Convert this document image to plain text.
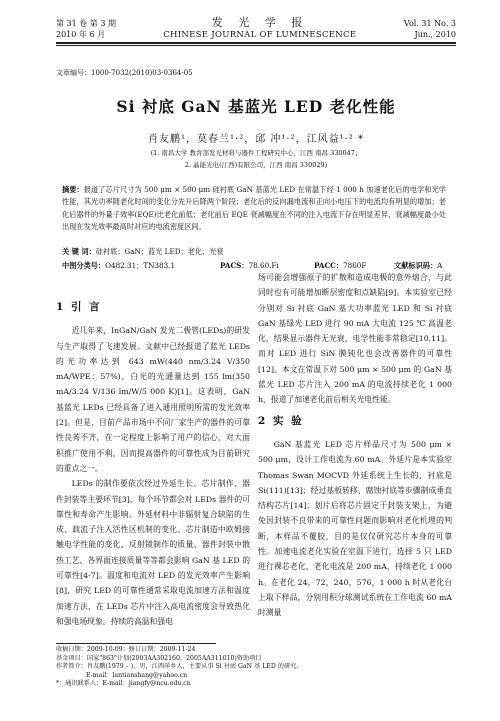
第 31 卷 第 3 期	发 光 学 报	Vol. 31 No. 3
2010 年 6 月	CHINESE JOURNAL OF LUMINESCENCE	Jun., 2010
文章编号：1000-7032(2010)03-0364-05
Si 衬底 GaN 基蓝光 LED 老化性能
肖友鹏¹，莫春兰¹·²，邱 冲¹·²，江风益¹·² *
(1. 南昌大学 教育部发光材料与器件工程研究中心，江西 南昌 330047；
2. 晶能光电(江西)有限公司，江西 南昌 330029)
摘要：报道了芯片尺寸为 500 μm × 500 μm 硅衬底 GaN 基蓝光 LED 在常温下经 1 000 h 加速老化后的电学和光学性能，其光功率随老化时间的变化分先升后降两个阶段；老化后的反向漏电流和正向小电压下的电流均有明显的增加；老化后器件的外量子效率(EQE)比老化前低；老化前后 EQE 衰减幅度在不同的注入电流下存在明显差异，衰减幅度最小处出现在发光效率最高时对应的电流密度区间。
关 键 词：硅衬底；GaN；蓝光 LED；老化；光衰
中图分类号：O482.31；TN383.1	PACS：78.60.Fi	PACC：7860F	文献标识码：A
1 引 言

近几年来，InGaN/GaN 发光二极管(LEDs)的研发与生产取得了飞速发展。文献中已经报道了蓝光 LEDs 的光功率达到 643 mW(440 nm/3.24 V/350 mA/WPE：57%)，白光的光通量达到 155 lm(350 mA/3.24 V/136 lm/W/5 000 K)[1]。这表明，GaN 基蓝光 LEDs 已经具备了进入通用照明所需的发光效率[2]。但是，目前产品市场中不同厂家生产的器件的可靠性良莠不齐，在一定程度上影响了用户的信心，对大面积推广使用不利，因而提高器件的可靠性成为目前研究的重点之一。

LEDs 的制作要依次经过外延生长、芯片制作、器件封装等主要环节[3]，每个环节都会对 LEDs 器件的可靠性和寿命产生影响。外延材料中非辐射复合缺陷的生成、载流子注入活性区机制的变化、芯片制造中欧姆接触电学性能的变化、反射镜制作的质量、器件封装中散热工艺、各界面连接质量等等都会影响 GaN 基 LED 的可靠性[4-7]。温度和电流对 LED 的发光效率产生影响[8]，研究 LED 的可靠性通常采取电流加速方法和温度加速方法，在 LEDs 芯片中注入高电流密度会导致热化和强电场现象。持续的高温和强电

场可能会增强原子的扩散和造成电极的意外熔合，与此同时也有可能增加断层密度和点缺陷[9]。本实验室已经分别对 Si 衬底 GaN 基大功率蓝光 LED 和 Si 衬底 GaN 基绿光 LED 进行 90 mA 大电流 125 ℃ 高温老化，结果显示器件无光衰，电学性能非常稳定[10,11]。而对 LED 进行 SiN 膜钝化也会改善器件的可靠性[12]。本文在常温下对 500 μm × 500 μm 的 GaN 基蓝光 LED 芯片注入 200 mA 的电流持续老化 1 000 h，报道了加速老化前后相关光电性能。

2 实 验

GaN 基蓝光 LED 芯片样品尺寸为 500 μm × 500 μm，设计工作电流为 60 mA。外延片是本实验室 Thomas Swan MOCVD 外延系统上生长的，衬底是 Si(111)[13]；经过基板转移、腐蚀衬底等步骤制成垂直结构芯片[14]；划片后将芯片固定于封装支架上，为避免因封装不良带来的可靠性问题而影响对老化机理的判断，本样品不覆胶，目的是仅仅研究芯片本身的可靠性。加速电流老化实验在室温下进行，选择 5 只 LED 进行裸芯老化，老化电流是 200 mA，持续老化 1 000 h。在老化 24，72，240，576，1 000 h 时从老化台上取下样品，分别用积分球测试系统在工作电流 60 mA 时测量

收稿日期：2009-10-09；修订日期：2009-11-24
基金项目：国家"863"计划(2003AA302160，2005AA311010)资助项目
作者简介：肖友鹏(1979 – )，男，江西萍乡人，主要从事 Si 衬底 GaN 基 LED 的研究。
E-mail：lantianshang@yahoo.cn
*：通讯联系人；E-mail：jiangfy@ncu.edu.cn
